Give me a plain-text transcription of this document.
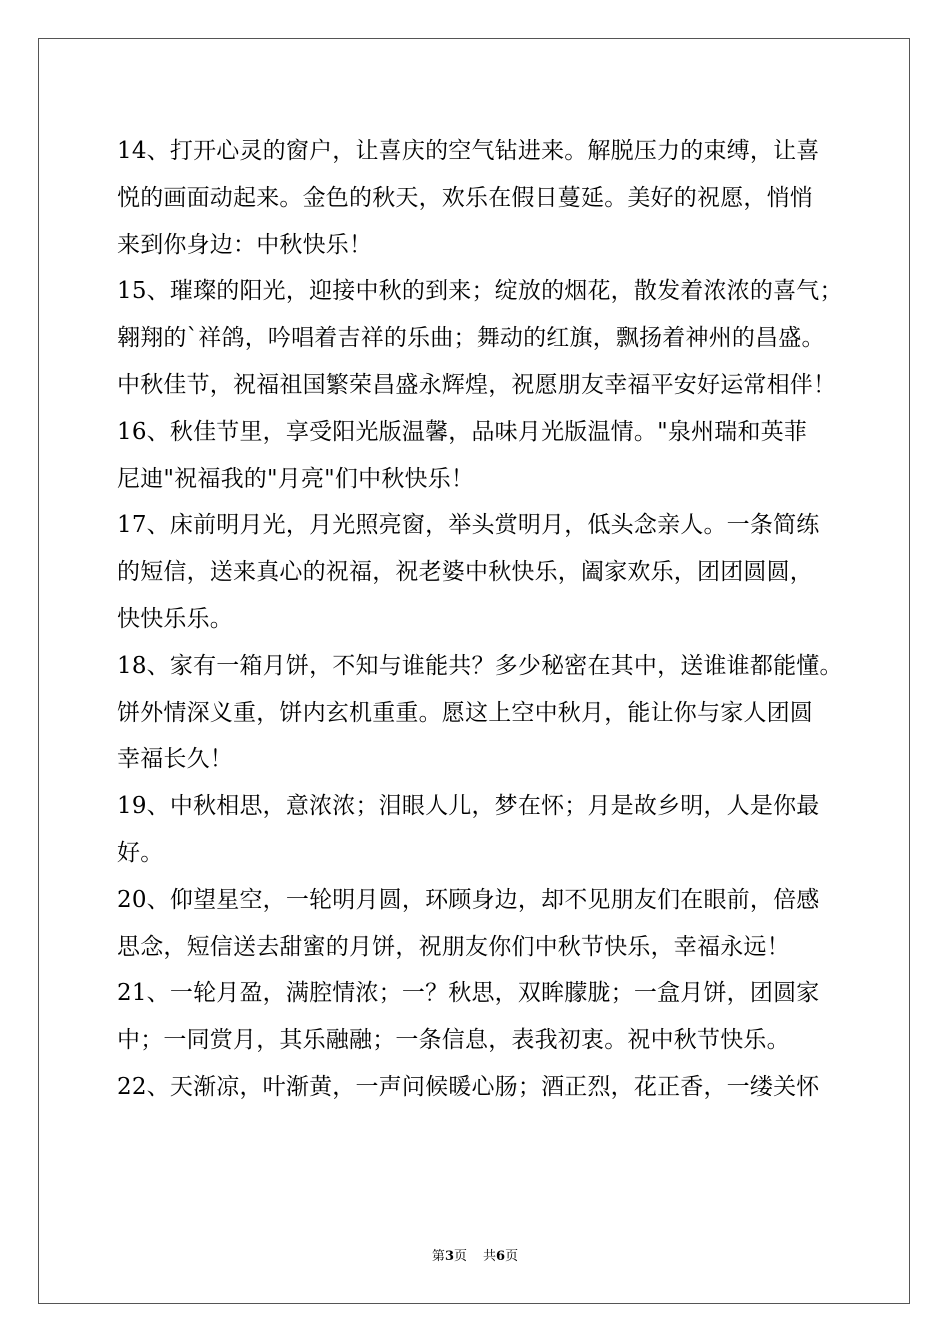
14、打开心灵的窗户，让喜庆的空气钻进来。解脱压力的束缚，让喜
悦的画面动起来。金色的秋天，欢乐在假日蔓延。美好的祝愿，悄悄
来到你身边：中秋快乐！
15、璀璨的阳光，迎接中秋的到来；绽放的烟花，散发着浓浓的喜气；
翱翔的`祥鸽，吟唱着吉祥的乐曲；舞动的红旗，飘扬着神州的昌盛。
中秋佳节，祝福祖国繁荣昌盛永辉煌，祝愿朋友幸福平安好运常相伴！
16、秋佳节里，享受阳光版温馨，品味月光版温情。"泉州瑞和英菲
尼迪"祝福我的"月亮"们中秋快乐！
17、床前明月光，月光照亮窗，举头赏明月，低头念亲人。一条简练
的短信，送来真心的祝福，祝老婆中秋快乐，阖家欢乐，团团圆圆，
快快乐乐。
18、家有一箱月饼，不知与谁能共？多少秘密在其中，送谁谁都能懂。
饼外情深义重，饼内玄机重重。愿这上空中秋月，能让你与家人团圆
幸福长久！
19、中秋相思，意浓浓；泪眼人儿，梦在怀；月是故乡明，人是你最
好。
20、仰望星空，一轮明月圆，环顾身边，却不见朋友们在眼前，倍感
思念，短信送去甜蜜的月饼，祝朋友你们中秋节快乐，幸福永远！
21、一轮月盈，满腔情浓；一？秋思，双眸朦胧；一盒月饼，团圆家
中；一同赏月，其乐融融；一条信息，表我初衷。祝中秋节快乐。
22、天渐凉，叶渐黄，一声问候暖心肠；酒正烈，花正香，一缕关怀
第3页 共6页
